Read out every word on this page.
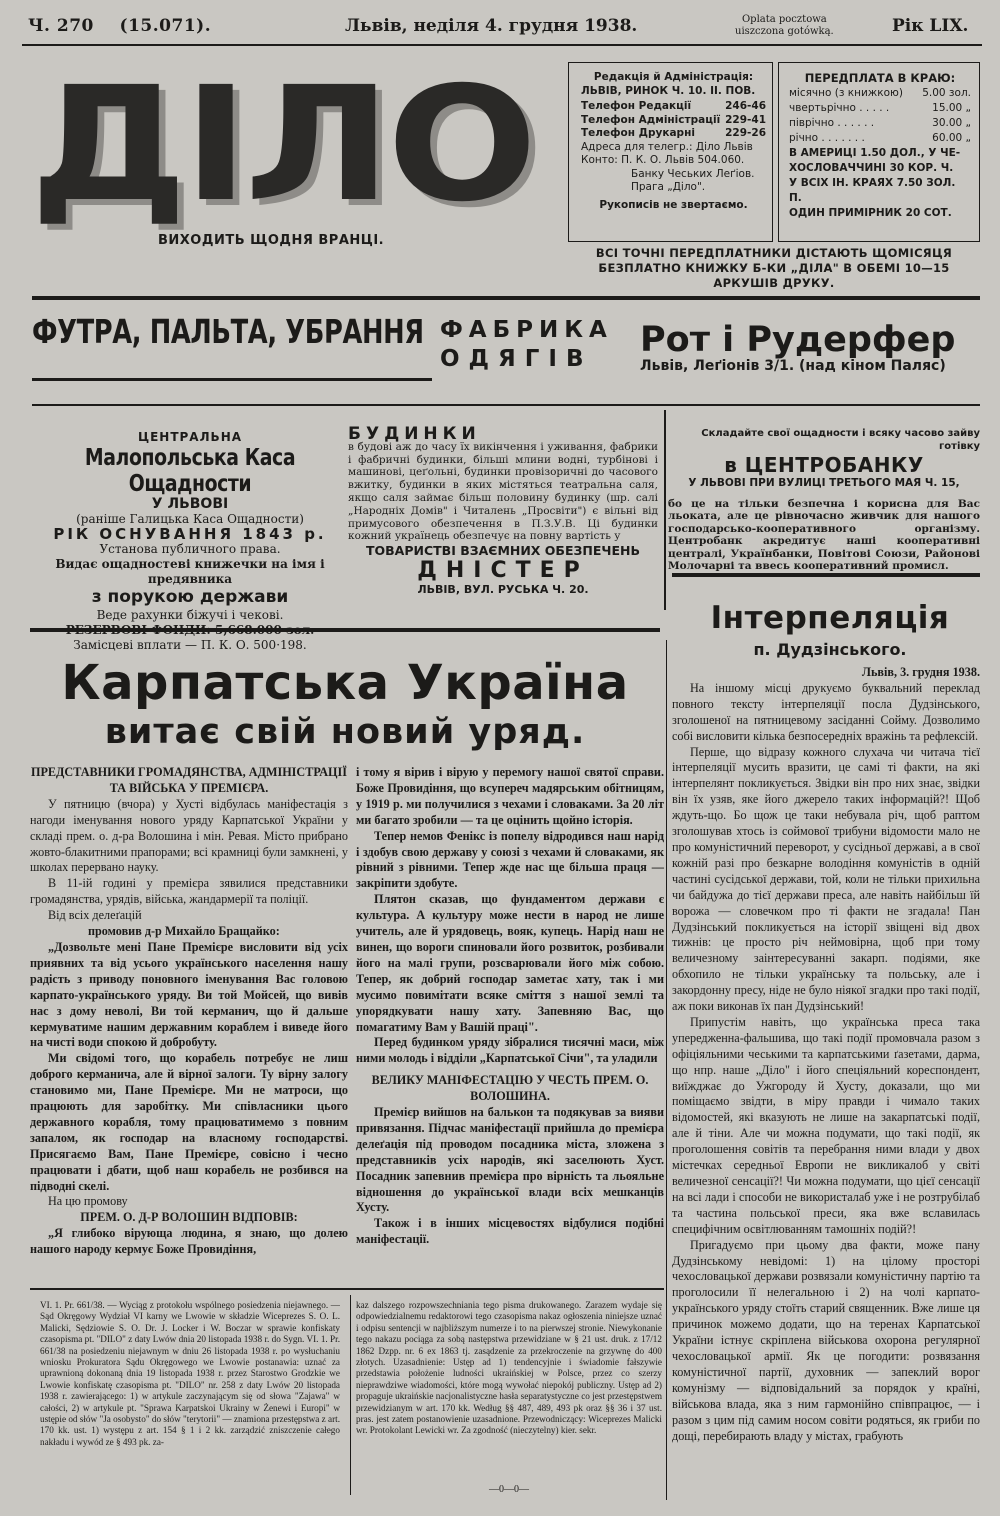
Ч. 270 (15.071).	Львів, неділя 4. грудня 1938.	Oplata pocztowa
uiszczona gotówką.	Рік LIX.
ДІЛО
ВИХОДИТЬ ЩОДНЯ ВРАНЦІ.
Редакція й Адміністрація:
ЛЬВІВ, РИНОК Ч. 10. II. ПОВ.
Телефон Редакції	246-46
Телефон Адміністрації 229-41
Телефон Друкарні	229-26
Адреса для телегр.: Діло Львів
Конто: П. К. О. Львів 504.060.
Банку Чеських Леґіов.
Прага „Діло".
Рукописів не звертаємо.
ПЕРЕДПЛАТА В КРАЮ:
місячно (з книжкою) 5.00 зол.
чвертьрічно . . . . .	15.00 „
піврічно . . . . . .	30.00 „
річно . . . . . . .	60.00 „
В АМЕРИЦІ 1.50 ДОЛ., У ЧЕ-
ХОСЛОВАЧЧИНІ 30 КОР. Ч.
У ВСІХ ІН. КРАЯХ 7.50 ЗОЛ. П.
ОДИН ПРИМІРНИК 20 СОТ.
ВСІ ТОЧНІ ПЕРЕДПЛАТНИКИ ДІСТАЮТЬ ЩОМІСЯЦЯ БЕЗПЛАТНО КНИЖКУ Б-КИ „ДІЛА" В ОБЕМІ 10—15 АРКУШІВ ДРУКУ.
ФУТРА, ПАЛЬТА, УБРАННЯ ФАБРИКА
ОДЯГІВ	Рот і Рудерфер
Львів, Леґіонів 3/1. (над кіном Паляс)
ЦЕНТРАЛЬНА
Малопольська Каса Ощадности
У ЛЬВОВІ
(раніше Галицька Каса Ощадности)
РІК ОСНУВАННЯ 1843 р.
Установа публичного права.
Видає ощадностеві книжечки на імя і предявника
з порукою держави
Веде рахунки біжучі і чекові.
Замісцеві вплати — П. К. О. 500·198.
БУДИНКИ
в будові аж до часу їх викінчення і уживання, фабрики і фабричні будинки, більші млини водні, турбінові і машинові, цеґольні, будинки провізоричні до часового вжитку, будинки в яких містяться театральна саля, якщо саля займає більш половину будинку (шр. салі „Народніх Домів" і Читалень „Просвіти") є вільні від примусового обезпечення в П.З.У.В. Ці будинки кожний українець обезпечує на повну вартість у
ТОВАРИСТВІ ВЗАЄМНИХ ОБЕЗПЕЧЕНЬ
ДНІСТЕР
ЛЬВІВ, ВУЛ. РУСЬКА Ч. 20.
Складайте свої ощадности і всяку часово зайву готівку
в ЦЕНТРОБАНКУ
У ЛЬВОВІ ПРИ ВУЛИЦІ ТРЕТЬОГО МАЯ Ч. 15,
бо це на тільки безпечна і корисна для Вас льоката, але це рівночасно живчик для нашого господарсько-кооперативного організму. Центробанк акредитує наші кооперативні централі, Українбанки, Повітові Союзи, Районові Молочарні та ввесь кооперативний промисл.
Інтерпеляція
п. Дудзінського.

Львів, 3. грудня 1938.

На іншому місці друкуємо буквальний переклад повного тексту інтерпеляції посла Дудзінського, зголошеної на пятницевому засіданні Сойму. Дозволимо собі висловити кілька безпосередніх вражінь та рефлексій.

Перше, що відразу кожного слухача чи читача тієї інтерпеляції мусить вразити, це самі ті факти, на які інтерпелянт покликується. Звідки він про них знає, звідки він їх узяв, яке його джерело таких інформацій?! Щоб ждуть-що. Бо щож це таки небувала річ, щоб раптом зголошував хтось із соймової трибуни відомости мало не про комуністичний переворот, у сусідньої державі, а в свої кожній разі про безкарне володіння комуністів в одній частині сусідської держави, той, коли не тільки прихильна чи байдужа до тієї держави преса, але навіть найбільш їй ворожа — словечком про ті факти не згадала! Пан Дудзінський покликується на історії звіщені від двох тижнів: це просто річ неймовірна, щоб при тому величезному заінтересуванні закарп. подіями, яке обхопило не тільки українську та польську, але і закордонну пресу, ніде не було ніякої згадки про такі події, аж поки виконав їх пан Дудзінський!

Припустім навіть, що українська преса така упередженна-фальшива, що такі події промовчала разом з офіціяльними чеськими та карпатськими ґазетами, дарма, що нпр. наше „Діло" і його спеціяльний кореспондент, виїжджає до Ужгороду й Хусту, доказали, що ми поміщаємо звідти, в міру правди і чимало таких відомостей, які вказують не лише на закарпатські події, але й тіни. Але чи можна подумати, що такі події, як проголошення совітів та перебрання ними влади у двох містечках середньої Европи не викликалоб у світі величезної сенсації?! Чи можна подумати, що цієї сенсації на всі лади і способи не використалаб уже і не розтрубілаб та частина польської преси, яка вже вславилась специфічним освітлюванням тамошніх подій?!

Пригадуємо при цьому два факти, може пану Дудзінському невідомі: 1) на цілому просторі чехословацької держави розвязали комуністичну партію та проголосили її нелегальною і 2) на чолі карпато-українського уряду стоїть старий священник. Вже лише ця причинок можемо додати, що на теренах Карпатської України істнує скріплена військова охорона регулярної чехословацької армії. Як це погодити: розвязання комуністичної партії, духовник — запеклий ворог комунізму — відповідальний за порядок у країні, військова влада, яка з ним гармонійно співпрацює, — і разом з цим під самим носом совіти родяться, як гриби по дощі, перебирають владу у містах, грабують

Карпатська Україна
витає свій новий уряд.

ПРЕДСТАВНИКИ ГРОМАДЯНСТВА, АДМІНІСТРАЦІЇ ТА ВІЙСЬКА У ПРЕМІЄРА.

У пятницю (вчора) у Хусті відбулась маніфестація з нагоди іменування нового уряду Карпатської України у складі прем. о. д-ра Волошина і мін. Ревая. Місто прибрано жовто-блакитними прапорами; всі крамниці були замкнені, у школах перервано науку.

В 11-ій годині у премієра зявилися представники громадянства, урядів, війська, жандармерії та поліції.

Від всіх делеґацій

промовив д-р Михайло Бращайко:

„Дозвольте мені Пане Премієре висловити від усіх приявних та від усього українського населення нашу радість з приводу поновного іменування Вас головою карпато-українського уряду. Ви той Мойсей, що вивів нас з дому неволі, Ви той керманич, що й дальше кермуватиме нашим державним кораблем і виведе його на чисті води спокою й добробуту.

Ми свідомі того, що корабель потребує не лиш доброго керманича, але й вірної залоги. Ту вірну залогу становимо ми, Пане Премієре. Ми не матроси, що працюють для заробітку. Ми співласники цього державного корабля, тому працюватимемо з повним запалом, як господар на власному господарстві. Присягаємо Вам, Пане Премієре, совісно і чесно працювати і дбати, щоб наш корабель не розбився на підводні скелі.

На цю промову

ПРЕМ. О. Д-Р ВОЛОШИН ВІДПОВІВ:

„Я глибоко вірующа людина, я знаю, що долею нашого народу кермує Боже Провидіння,

і тому я вірив і вірую у перемогу нашої святої справи. Боже Провидіння, що всупереч мадярським обітницям, у 1919 р. ми получилися з чехами і словаками. За 20 літ ми багато зробили — та це оцінить щойно історія.

Тепер немов Фенікс із попелу відродився наш нарід і здобув свою державу у союзі з чехами й словаками, як рівний з рівними. Тепер жде нас ще більша праця — закріпити здобуте.

Плятон сказав, що фундаментом держави є культура. А культуру може нести в народ не лише учитель, але й урядовець, вояк, купець. Нарід наш не винен, що вороги спиновали його розвиток, розбивали його на малі групи, розсварювали його між собою. Тепер, як добрий господар заметає хату, так і ми мусимо повимітати всяке сміття з нашої землі та упорядкувати нашу хату. Запевняю Вас, що помагатиму Вам у Вашій праці".

Перед будинком уряду зібралися тисячні маси, між ними молодь і відділи „Карпатської Січи", та уладили

ВЕЛИКУ МАНІФЕСТАЦІЮ У ЧЕСТЬ ПРЕМ. О. ВОЛОШИНА.

Премієр вийшов на балькон та подякував за вияви привязання. Підчас маніфестації прийшла до премієра делеґація під проводом посадника міста, зложена з представників усіх народів, які заселюють Хуст. Посадник запевнив премієра про вірність та льояльне відношення до української влади всіх мешканців Хусту.

Також і в інших місцевостях відбулися подібні маніфестації.

VI. 1. Pr. 661/38. — Wyciąg z protokołu wspólnego posiedzenia niejawnego. — Sąd Okręgowy Wydział VI karny we Lwowie w składzie Wiceprezes S. O. L. Malicki, Sędziowie S. O. Dr. J. Locker i W. Boczar w sprawie konfiskaty czasopisma pt. "DILO" z daty Lwów dnia 20 listopada 1938 r. do Sygn. VI. 1. Pr. 661/38 na posiedzeniu niejawnym w dniu 26 listopada 1938 r. po wysłuchaniu wniosku Prokuratora Sądu Okręgowego we Lwowie postanawia: uznać za uprawnioną dokonaną dnia 19 listopada 1938 r. przez Starostwo Grodzkie we Lwowie konfiskatę czasopisma pt. "DILO" nr. 258 z daty Lwów 20 listopada 1938 r. zawierającego: 1) w artykule zaczynającym się od słowa "Zajawa" w całości, 2) w artykule pt. "Sprawa Karpatskoi Ukrainy w Żenewi i Europi" w ustępie od słów "Ja osobysto" do słów "terytorii" — znamiona przestępstwa z art. 170 kk. ust. 1) występu z art. 154 § 1 i 2 kk. zarządzić zniszczenie całego nakładu i wywód ze § 493 pk. za-
kaz dalszego rozpowszechniania tego pisma drukowanego. Zarazem wydaje się odpowiedzialnemu redaktorowi tego czasopisma nakaz ogłoszenia niniejsze uznać i odpisu sentencji w najbliższym numerze i to na pierwszej stronie. Niewykonanie tego nakazu pociąga za sobą następstwa przewidziane w § 21 ust. druk. z 17/12 1862 Dzpp. nr. 6 ex 1863 tj. zasądzenie za przekroczenie na grzywnę do 400 złotych. Uzasadnienie: Ustęp ad 1) tendencyjnie i świadomie fałszywie przedstawia położenie ludności ukraińskiej w Polsce, przez co szerzy nieprawdziwe wiadomości, które mogą wywołać niepokój publiczny. Ustęp ad 2) propaguje ukraińskie nacjonalistyczne hasła separatystyczne co jest przestępstwem przewidzianym w art. 170 kk. Według §§ 487, 489, 493 pk oraz §§ 36 i 37 ust. pras. jest zatem postanowienie uzasadnione. Przewodniczący: Wiceprezes Malicki wr. Protokolant Lewicki wr. Za zgodność (nieczytelny) kier. sekr.
—0—0—
